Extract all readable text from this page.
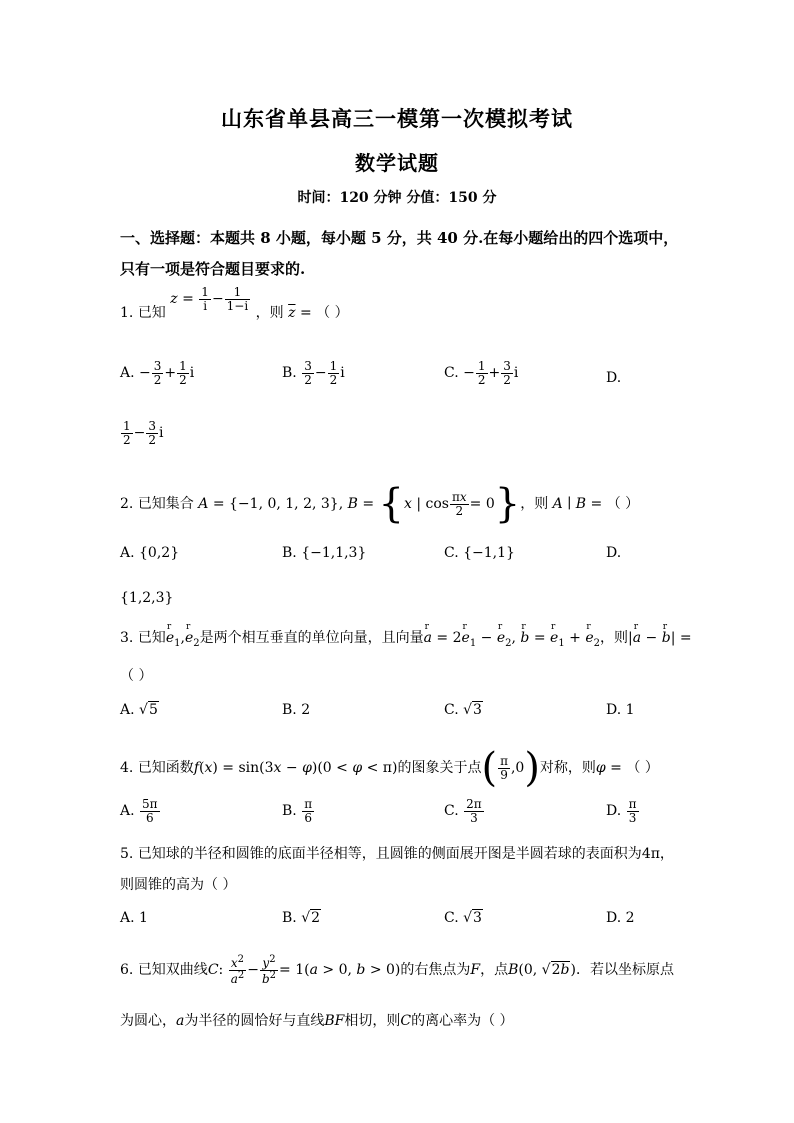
山东省单县高三一模第一次模拟考试
数学试题
时间：120 分钟 分值：150 分
一、选择题：本题共 8 小题，每小题 5 分，共 40 分.在每小题给出的四个选项中，
只有一项是符合题目要求的.
1. 已知 $z = \frac{1}{i} - \frac{1}{1-i}$
，则 $\overline{z}$ = （ ）
A. − $\frac{3}{2} + \frac{1}{2}$ i	B. $\frac{3}{2} - \frac{1}{2}$ i	C. − $\frac{1}{2} + \frac{3}{2}$ i	D.
$\frac{1}{2} - \frac{3}{2}$ i
2. 已知集合 A = {−1, 0, 1, 2, 3}, B = {x | $\cos \frac{\pi x}{2} = 0$}，则 A ∣ B = （ ）
A. {0,2}	B. {−1,1,3}	C. {−1,1}	D.
{1,2,3}
3. 已知r $e_1,r$ $e_2$是两个相互垂直的单位向量，且向量r a = 2r $e_1 - r$ $e_2$, r b = r $e_1 + r$ $e_2$，则|r a − r b| =
（ ）
A. √5	B. 2	C. √3	D. 1
4. 已知函数f(x) = sin(3x − φ)(0 < φ < π)的图象关于点( $\frac{\pi}{9} ,0$)对称，则φ = （ ）
A. $\frac{5\pi}{6}$	B. $\frac{\pi}{6}$	C. $\frac{2\pi}{3}$	D. $\frac{\pi}{3}$
5. 已知球的半径和圆锥的底面半径相等，且圆锥的侧面展开图是半圆若球的表面积为4π，
则圆锥的高为（ ）
A. 1	B. √2	C. √3	D. 2
6. 已知双曲线C: $\frac{x^2}{a^2} - \frac{y^2}{b^2} = 1(a > 0$, b > 0)的右焦点为F，点B(0, √2b)．若以坐标原点
为圆心，a为半径的圆恰好与直线BF相切，则C的离心率为（ ）
